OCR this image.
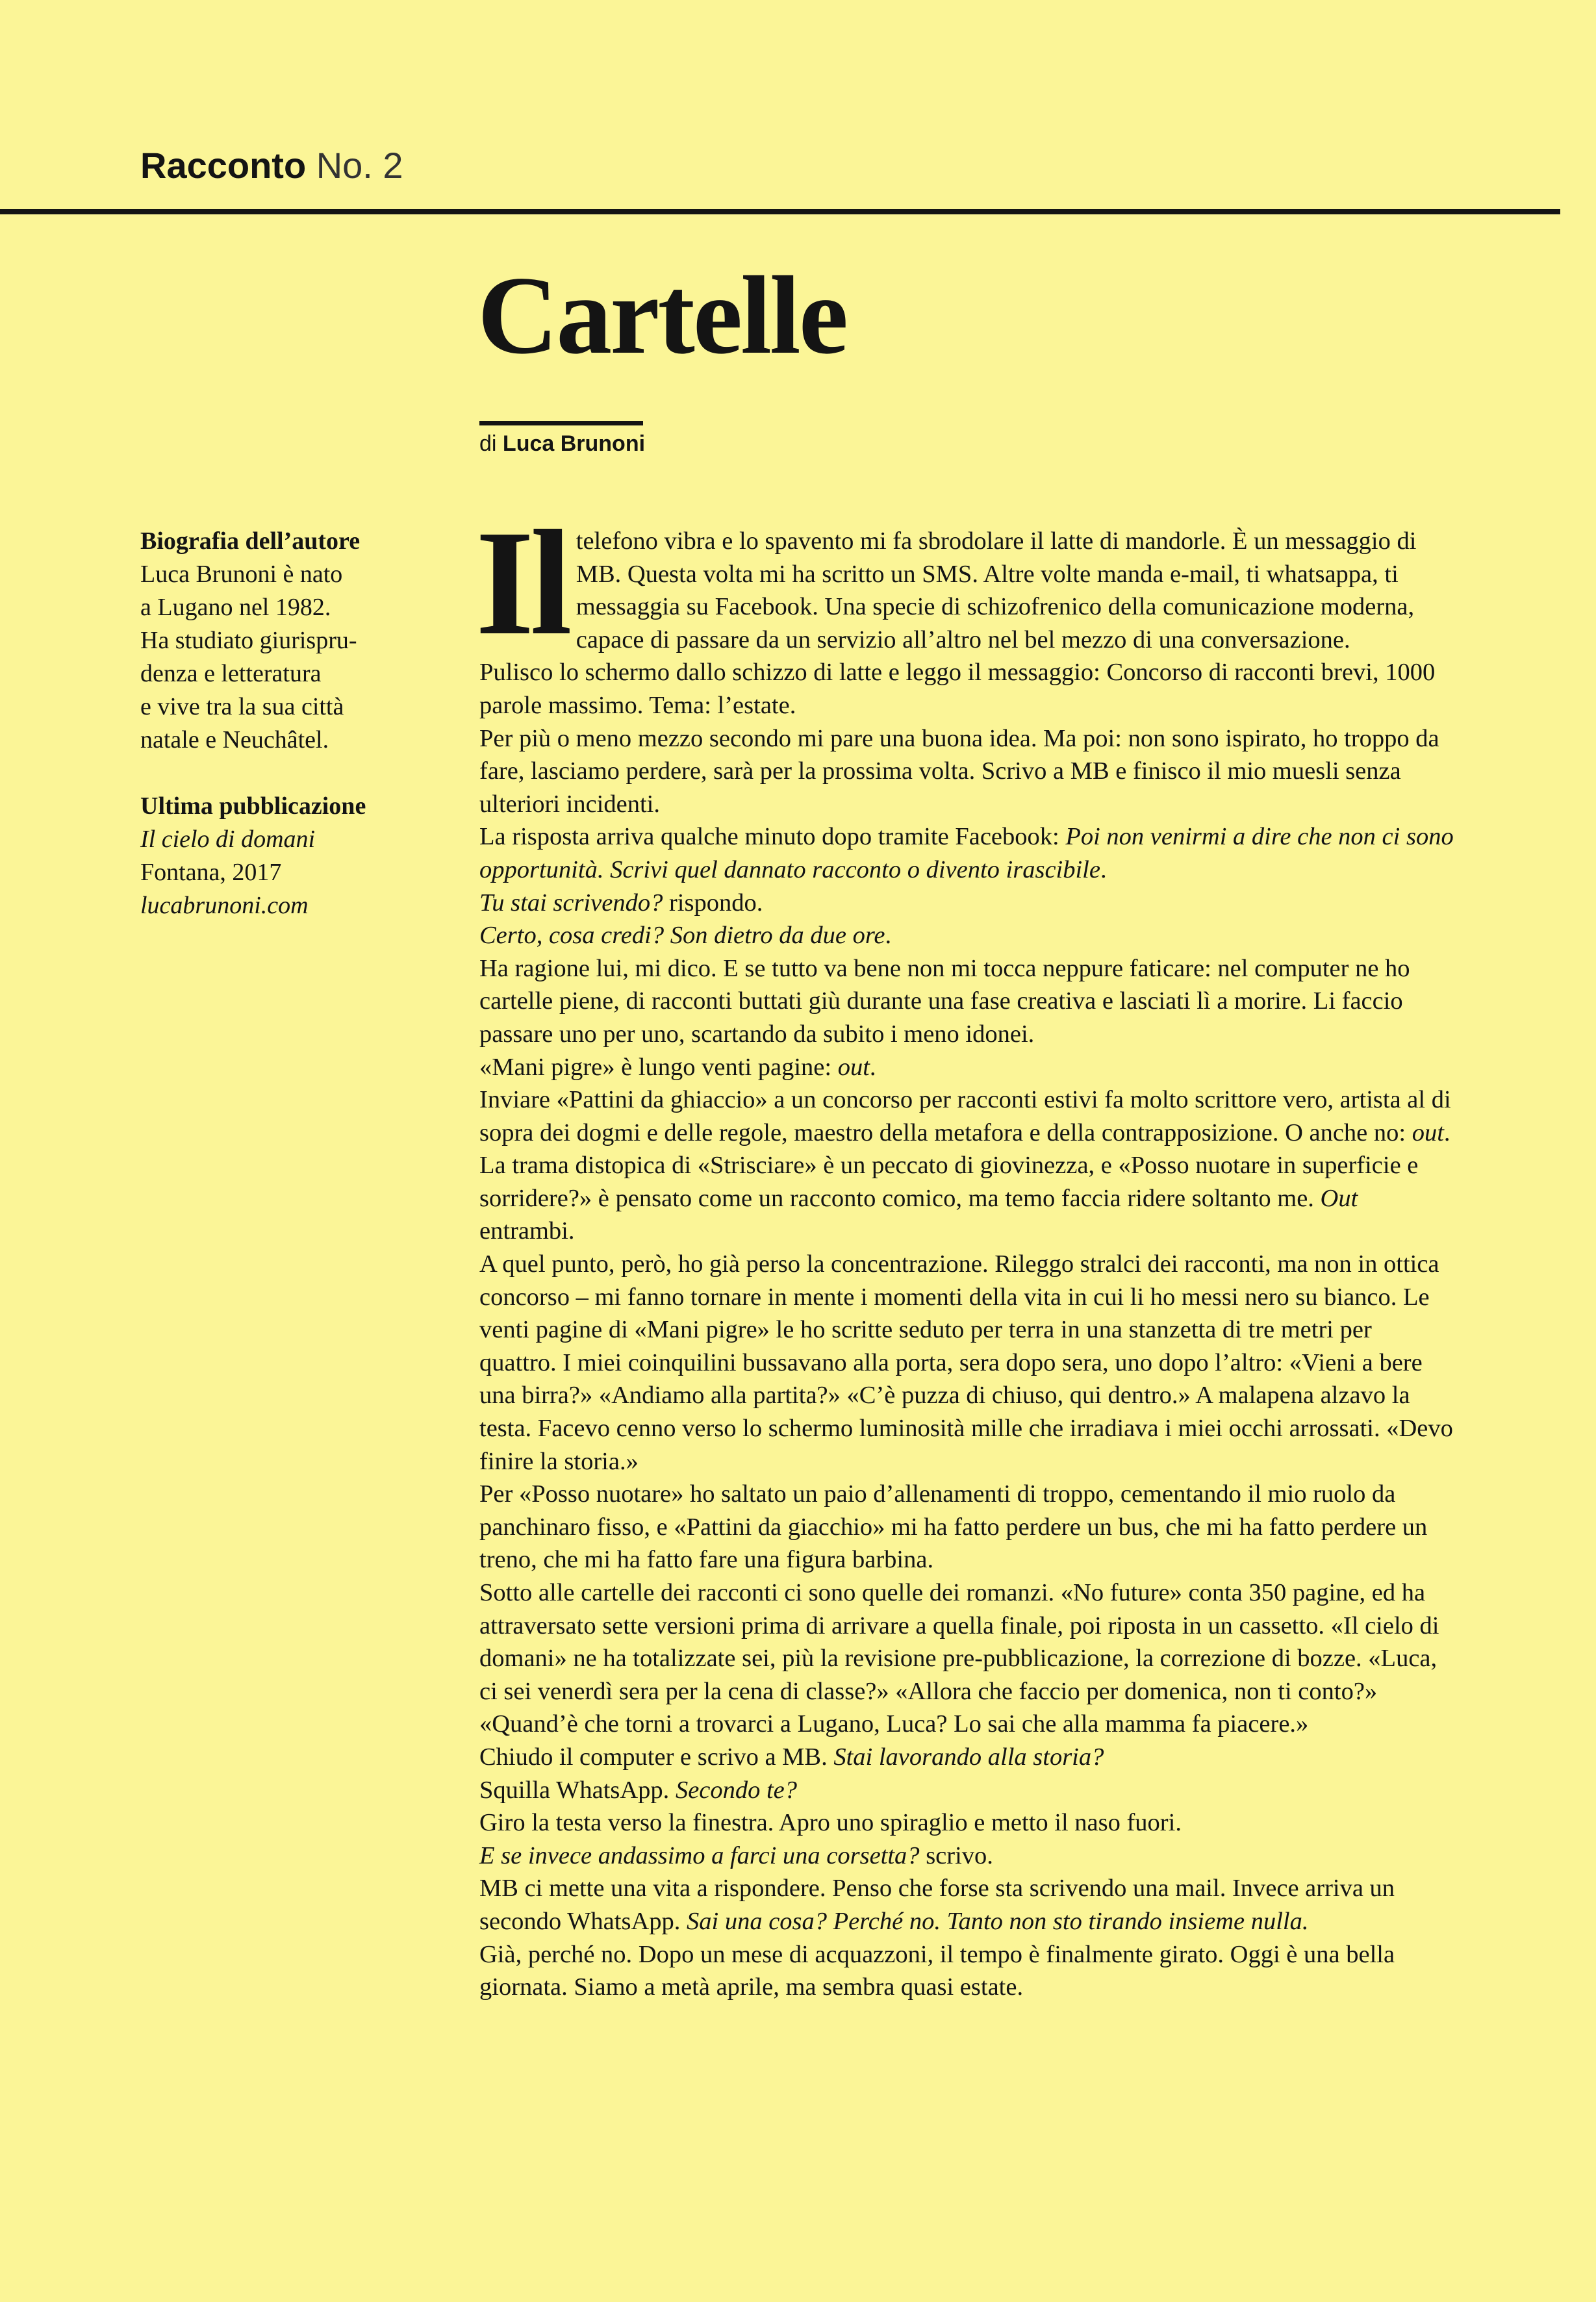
Racconto No. 2
Cartelle
di Luca Brunoni
Biografia dell’autore
Luca Brunoni è nato
a Lugano nel 1982.
Ha studiato giurispru-
denza e letteratura
e vive tra la sua città
natale e Neuchâtel.
Ultima pubblicazione
Il cielo di domani
Fontana, 2017
lucabrunoni.com

Il telefono vibra e lo spavento mi fa sbrodolare il latte di mandorle. È un messaggio di MB. Questa volta mi ha scritto un SMS. Altre volte manda e-mail, ti whatsappa, ti messaggia su Facebook. Una specie di schizofrenico della comunicazione moderna, capace di passare da un servizio all’altro nel bel mezzo di una conversazione.

Pulisco lo schermo dallo schizzo di latte e leggo il messaggio: Concorso di racconti brevi, 1000 parole massimo. Tema: l’estate.

Per più o meno mezzo secondo mi pare una buona idea. Ma poi: non sono ispirato, ho troppo da fare, lasciamo perdere, sarà per la prossima volta. Scrivo a MB e finisco il mio muesli senza ulteriori incidenti.

La risposta arriva qualche minuto dopo tramite Facebook: Poi non venirmi a dire che non ci sono opportunità. Scrivi quel dannato racconto o divento irascibile.

Tu stai scrivendo? rispondo.

Certo, cosa credi? Son dietro da due ore.

Ha ragione lui, mi dico. E se tutto va bene non mi tocca neppure faticare: nel computer ne ho cartelle piene, di racconti buttati giù durante una fase creativa e lasciati lì a morire. Li faccio passare uno per uno, scartando da subito i meno idonei.

«Mani pigre» è lungo venti pagine: out.

Inviare «Pattini da ghiaccio» a un concorso per racconti estivi fa molto scrittore vero, artista al di sopra dei dogmi e delle regole, maestro della metafora e della contrapposizione. O anche no: out.

La trama distopica di «Strisciare» è un peccato di giovinezza, e «Posso nuotare in superficie e sorridere?» è pensato come un racconto comico, ma temo faccia ridere soltanto me. Out entrambi.

A quel punto, però, ho già perso la concentrazione. Rileggo stralci dei racconti, ma non in ottica concorso – mi fanno tornare in mente i momenti della vita in cui li ho messi nero su bianco. Le venti pagine di «Mani pigre» le ho scritte seduto per terra in una stanzetta di tre metri per quattro. I miei coinquilini bussavano alla porta, sera dopo sera, uno dopo l’altro: «Vieni a bere una birra?» «Andiamo alla partita?» «C’è puzza di chiuso, qui dentro.» A malapena alzavo la testa. Facevo cenno verso lo schermo luminosità mille che irradiava i miei occhi arrossati. «Devo finire la storia.»

Per «Posso nuotare» ho saltato un paio d’allenamenti di troppo, cementando il mio ruolo da panchinaro fisso, e «Pattini da giacchio» mi ha fatto perdere un bus, che mi ha fatto perdere un treno, che mi ha fatto fare una figura barbina.

Sotto alle cartelle dei racconti ci sono quelle dei romanzi. «No future» conta 350 pagine, ed ha attraversato sette versioni prima di arrivare a quella finale, poi riposta in un cassetto. «Il cielo di domani» ne ha totalizzate sei, più la revisione pre-pubblicazione, la correzione di bozze. «Luca, ci sei venerdì sera per la cena di classe?» «Allora che faccio per domenica, non ti conto?» «Quand’è che torni a trovarci a Lugano, Luca? Lo sai che alla mamma fa piacere.»

Chiudo il computer e scrivo a MB. Stai lavorando alla storia?

Squilla WhatsApp. Secondo te?

Giro la testa verso la finestra. Apro uno spiraglio e metto il naso fuori.

E se invece andassimo a farci una corsetta? scrivo.

MB ci mette una vita a rispondere. Penso che forse sta scrivendo una mail. Invece arriva un secondo WhatsApp. Sai una cosa? Perché no. Tanto non sto tirando insieme nulla.

Già, perché no. Dopo un mese di acquazzoni, il tempo è finalmente girato. Oggi è una bella giornata. Siamo a metà aprile, ma sembra quasi estate.
